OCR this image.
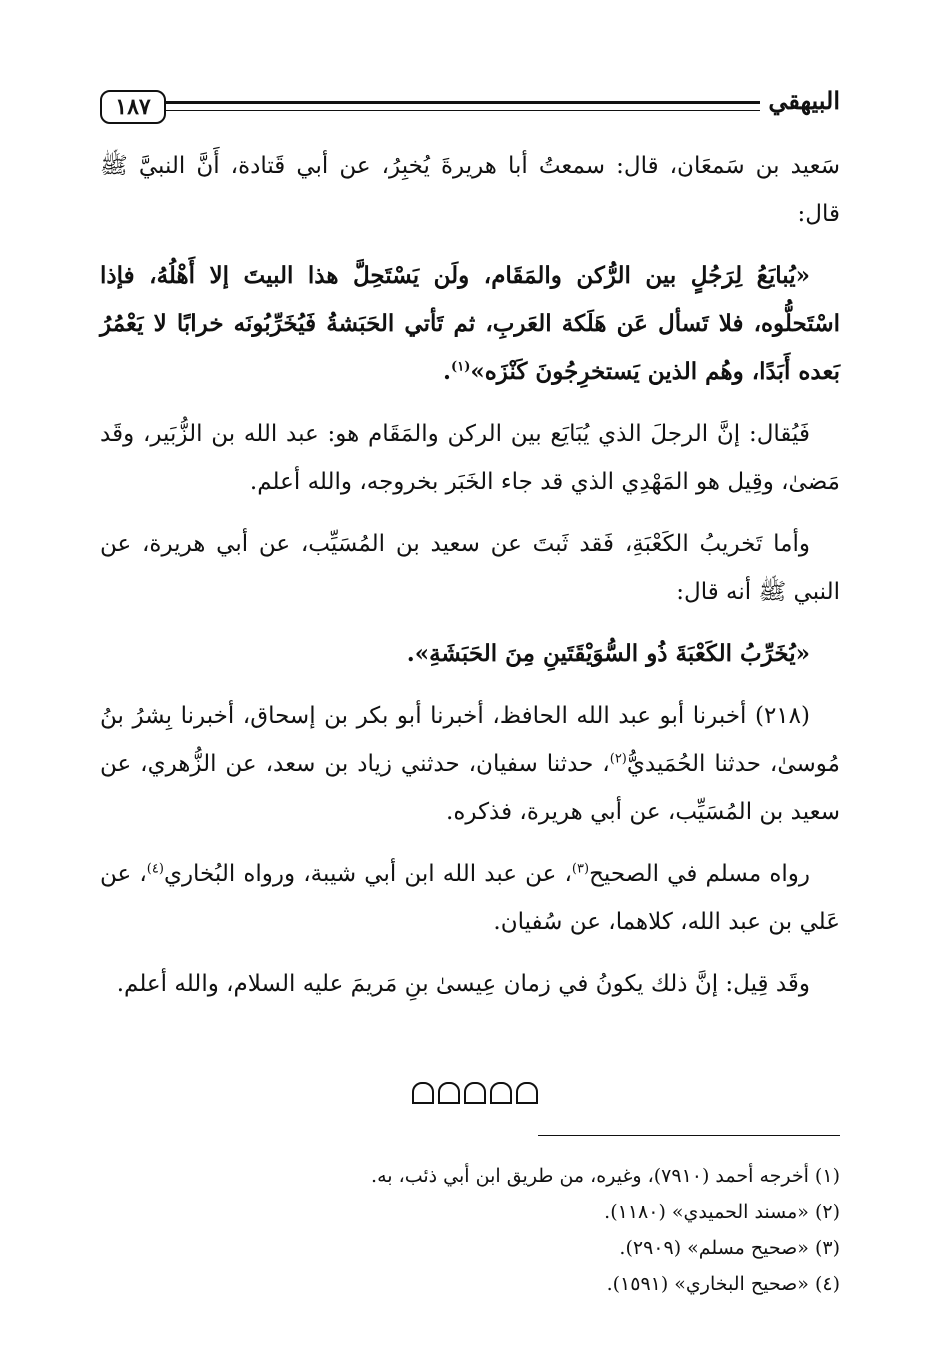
١٨٧	البيهقي

سَعيد بن سَمعَان، قال: سمعتُ أبا هريرةَ يُخبِرُ، عن أبي قَتادة، أَنَّ النبيَّ ﷺ قال:

«يُبايَعُ لِرَجُلٍ بين الرُّكن والمَقَام، ولَن يَسْتَحِلَّ هذا البيتَ إلا أَهْلُهُ، فإذا اسْتَحلُّوه، فلا تَسأل عَن هَلَكة العَربِ، ثم تَأتي الحَبَشةُ فَيُخَرِّبُونَه خرابًا لا يَعْمُرُ بَعده أَبَدًا، وهُم الذين يَستخرِجُونَ كَنْزَه»$^{(١)}$.

فَيُقال: إنَّ الرجلَ الذي يُبَايَع بين الركن والمَقَام هو: عبد الله بن الزُّبَير، وقَد مَضىٰ، وقِيل هو المَهْدِي الذي قد جاء الخَبَر بخروجه، والله أعلم.

وأما تَخريبُ الكَعْبَةِ، فَقد ثَبتَ عن سعيد بن المُسَيِّب، عن أبي هريرة، عن النبي ﷺ أنه قال:

«يُخَرِّبُ الكَعْبَةَ ذُو السُّوَيْقَتَينِ مِنَ الحَبَشَةِ».

(٢١٨) أخبرنا أبو عبد الله الحافظ، أخبرنا أبو بكر بن إسحاق، أخبرنا بِشرُ بنُ مُوسىٰ، حدثنا الحُمَيديُّ$^{(٢)}$، حدثنا سفيان، حدثني زياد بن سعد، عن الزُّهري، عن سعيد بن المُسَيِّب، عن أبي هريرة، فذكره.

رواه مسلم في الصحيح$^{(٣)}$، عن عبد الله ابن أبي شيبة، ورواه البُخاري$^{(٤)}$، عن عَلي بن عبد الله، كلاهما، عن سُفيان.

وقَد قِيل: إنَّ ذلك يكونُ في زمان عِيسىٰ بنِ مَريمَ عليه السلام، والله أعلم.

(١) أخرجه أحمد (٧٩١٠)، وغيره، من طريق ابن أبي ذئب، به.
(٢) «مسند الحميدي» (١١٨٠).
(٣) «صحيح مسلم» (٢٩٠٩).
(٤) «صحيح البخاري» (١٥٩١).
